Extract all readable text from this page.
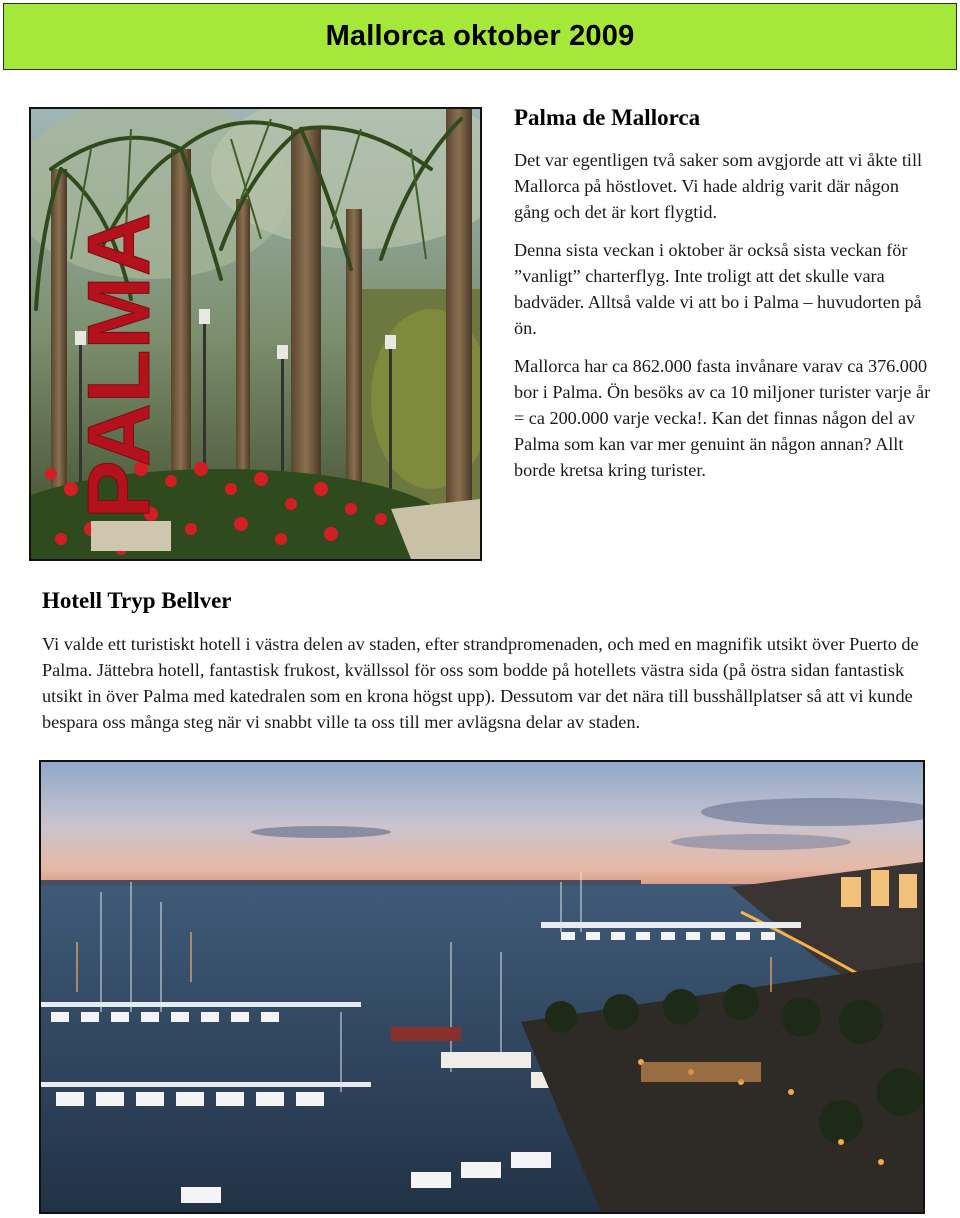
Mallorca oktober 2009
PALMA
Palma de Mallorca

Det var egentligen två saker som avgjorde att vi åkte till Mallorca på höstlovet. Vi hade aldrig varit där någon gång och det är kort flygtid.

Denna sista veckan i oktober är också sista veckan för ”vanligt” charterflyg. Inte troligt att det skulle vara badväder. Alltså valde vi att bo i Palma – huvudorten på ön.

Mallorca har ca 862.000 fasta invånare varav ca 376.000 bor i Palma. Ön besöks av ca 10 miljoner turister varje år = ca 200.000 varje vecka!. Kan det finnas någon del av Palma som kan var mer genuint än någon annan? Allt borde kretsa kring turister.

Hotell Tryp Bellver

Vi valde ett turistiskt hotell i västra delen av staden, efter strandpromenaden, och med en magnifik utsikt över Puerto de Palma. Jättebra hotell, fantastisk frukost, kvällssol för oss som bodde på hotellets västra sida (på östra sidan fantastisk utsikt in över Palma med katedralen som en krona högst upp). Dessutom var det nära till busshållplatser så att vi kunde bespara oss många steg när vi snabbt ville ta oss till mer avlägsna delar av staden.
